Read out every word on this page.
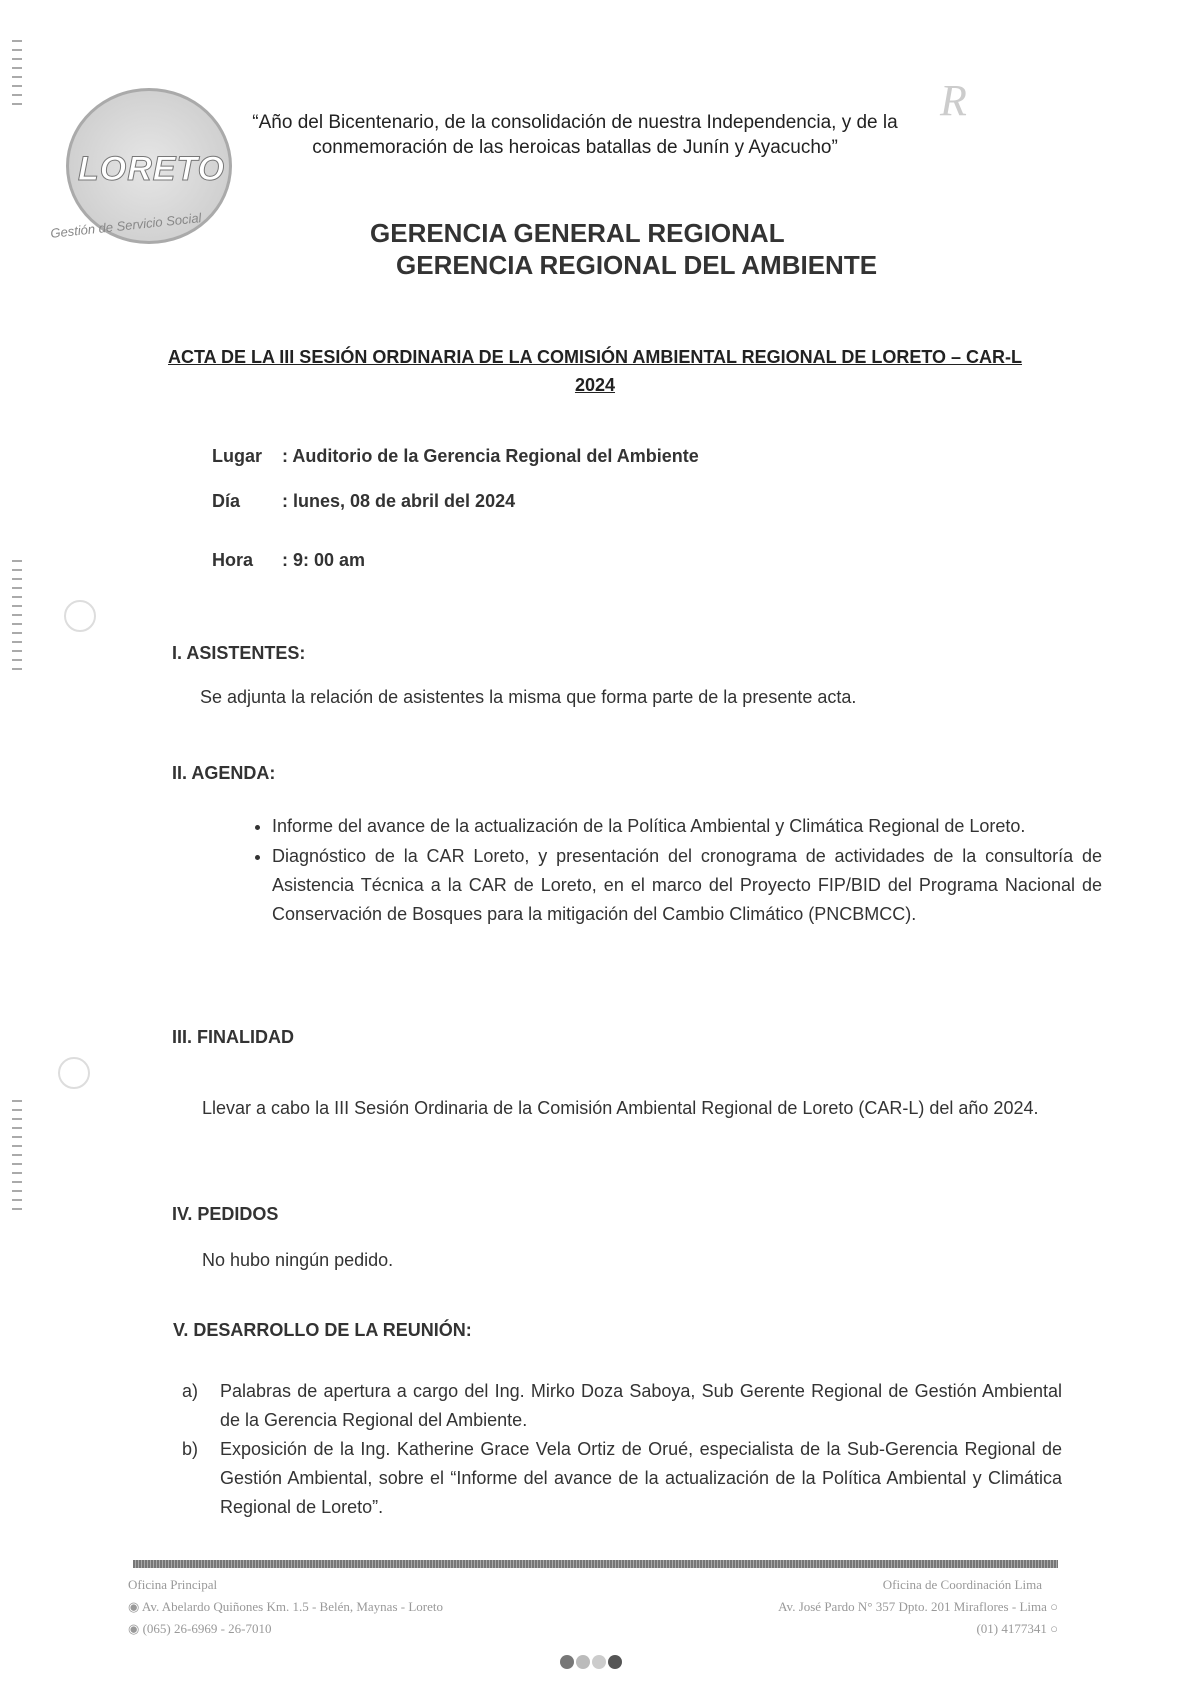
LORETO
Gestión de Servicio Social
R
“Año del Bicentenario, de la consolidación de nuestra Independencia, y de la conmemoración de las heroicas batallas de Junín y Ayacucho”
GERENCIA GENERAL REGIONAL
GERENCIA REGIONAL DEL AMBIENTE
ACTA DE LA III SESIÓN ORDINARIA DE LA COMISIÓN AMBIENTAL REGIONAL DE LORETO – CAR-L
2024
Lugar : Auditorio de la Gerencia Regional del Ambiente
Día : lunes, 08 de abril del 2024
Hora : 9: 00 am
I. ASISTENTES:
Se adjunta la relación de asistentes la misma que forma parte de la presente acta.
II. AGENDA:
• Informe del avance de la actualización de la Política Ambiental y Climática Regional de Loreto.
• Diagnóstico de la CAR Loreto, y presentación del cronograma de actividades de la consultoría de Asistencia Técnica a la CAR de Loreto, en el marco del Proyecto FIP/BID del Programa Nacional de Conservación de Bosques para la mitigación del Cambio Climático (PNCBMCC).
III. FINALIDAD
Llevar a cabo la III Sesión Ordinaria de la Comisión Ambiental Regional de Loreto (CAR-L) del año 2024.
IV. PEDIDOS
No hubo ningún pedido.
V. DESARROLLO DE LA REUNIÓN:
a) Palabras de apertura a cargo del Ing. Mirko Doza Saboya, Sub Gerente Regional de Gestión Ambiental de la Gerencia Regional del Ambiente.
b) Exposición de la Ing. Katherine Grace Vela Ortiz de Orué, especialista de la Sub-Gerencia Regional de Gestión Ambiental, sobre el “Informe del avance de la actualización de la Política Ambiental y Climática Regional de Loreto”.
Oficina Principal
◉ Av. Abelardo Quiñones Km. 1.5 - Belén, Maynas - Loreto
◉ (065) 26-6969 - 26-7010
Oficina de Coordinación Lima
Av. José Pardo N° 357 Dpto. 201 Miraflores - Lima ○
(01) 4177341 ○
